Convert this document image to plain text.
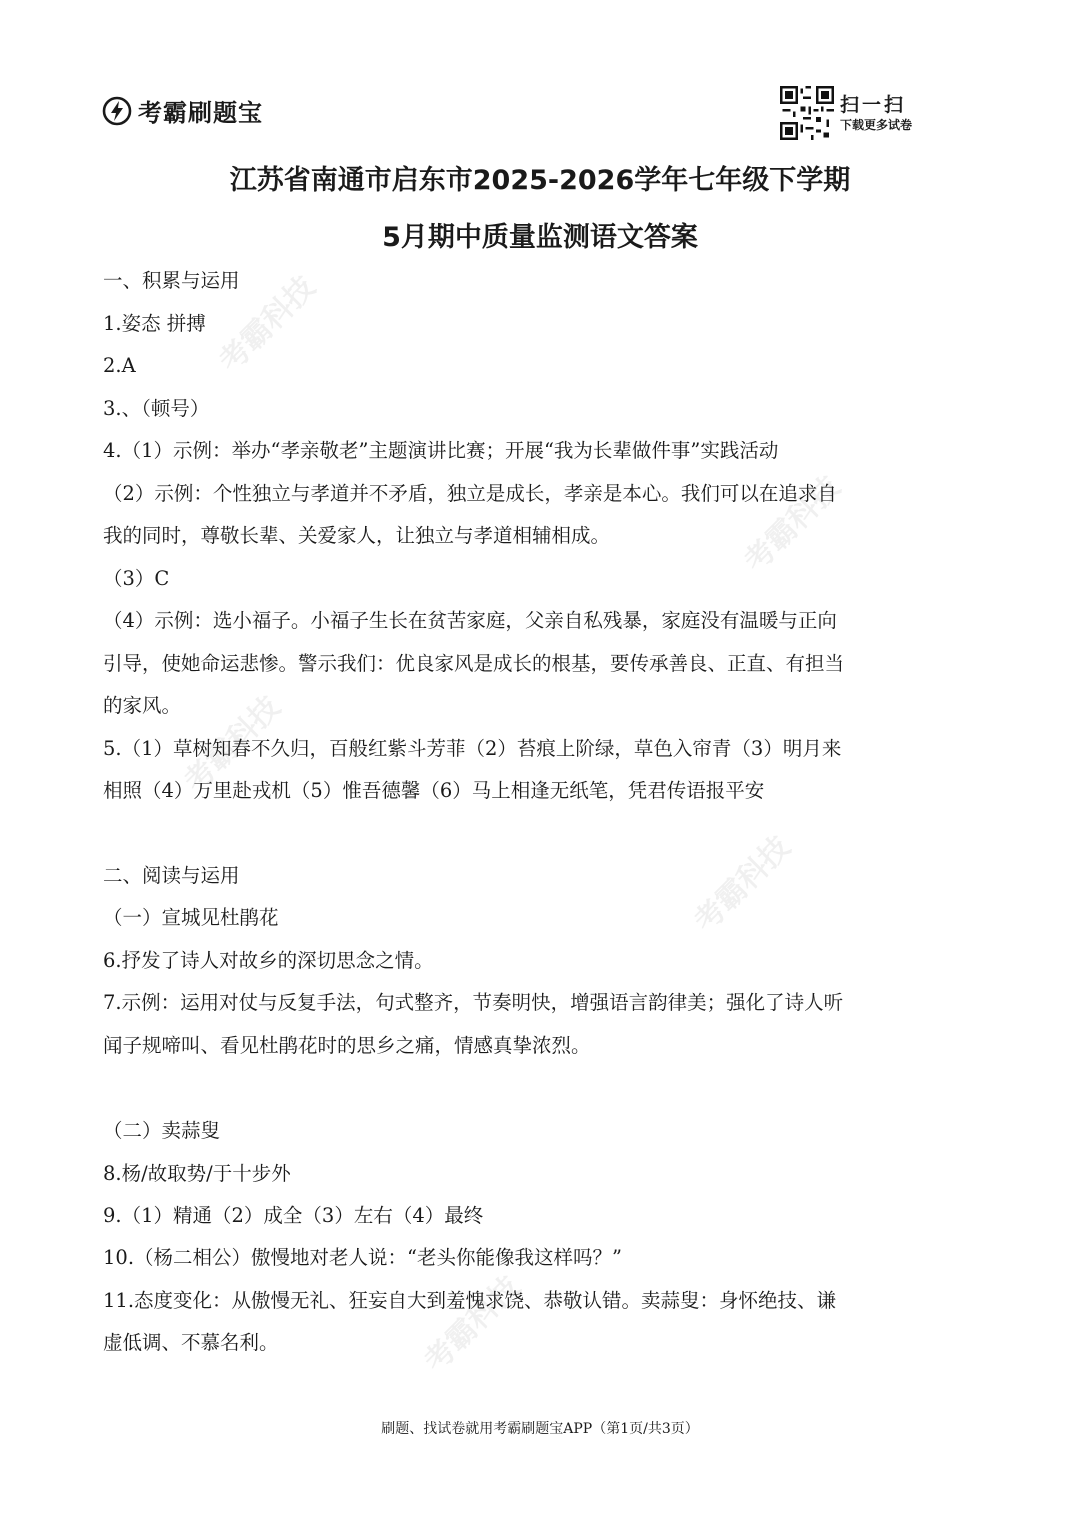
考霸刷题宝	扫一扫
下载更多试卷
考霸科技
考霸科技
考霸科技
考霸科技
考霸科技
江苏省南通市启东市2025-2026学年七年级下学期
5月期中质量监测语文答案
一、积累与运用
1.姿态 拼搏
2.A
3.、（顿号）
4.（1）示例：举办“孝亲敬老”主题演讲比赛；开展“我为长辈做件事”实践活动
（2）示例：个性独立与孝道并不矛盾，独立是成长，孝亲是本心。我们可以在追求自
我的同时，尊敬长辈、关爱家人，让独立与孝道相辅相成。
（3）C
（4）示例：选小福子。小福子生长在贫苦家庭，父亲自私残暴，家庭没有温暖与正向
引导，使她命运悲惨。警示我们：优良家风是成长的根基，要传承善良、正直、有担当
的家风。
5.（1）草树知春不久归，百般红紫斗芳菲（2）苔痕上阶绿，草色入帘青（3）明月来
相照（4）万里赴戎机（5）惟吾德馨（6）马上相逢无纸笔，凭君传语报平安
二、阅读与运用
（一）宣城见杜鹃花
6.抒发了诗人对故乡的深切思念之情。
7.示例：运用对仗与反复手法，句式整齐，节奏明快，增强语言韵律美；强化了诗人听
闻子规啼叫、看见杜鹃花时的思乡之痛，情感真挚浓烈。
（二）卖蒜叟
8.杨/故取势/于十步外
9.（1）精通（2）成全（3）左右（4）最终
10.（杨二相公）傲慢地对老人说：“老头你能像我这样吗？”
11.态度变化：从傲慢无礼、狂妄自大到羞愧求饶、恭敬认错。卖蒜叟：身怀绝技、谦
虚低调、不慕名利。
刷题、找试卷就用考霸刷题宝APP（第1页/共3页）
